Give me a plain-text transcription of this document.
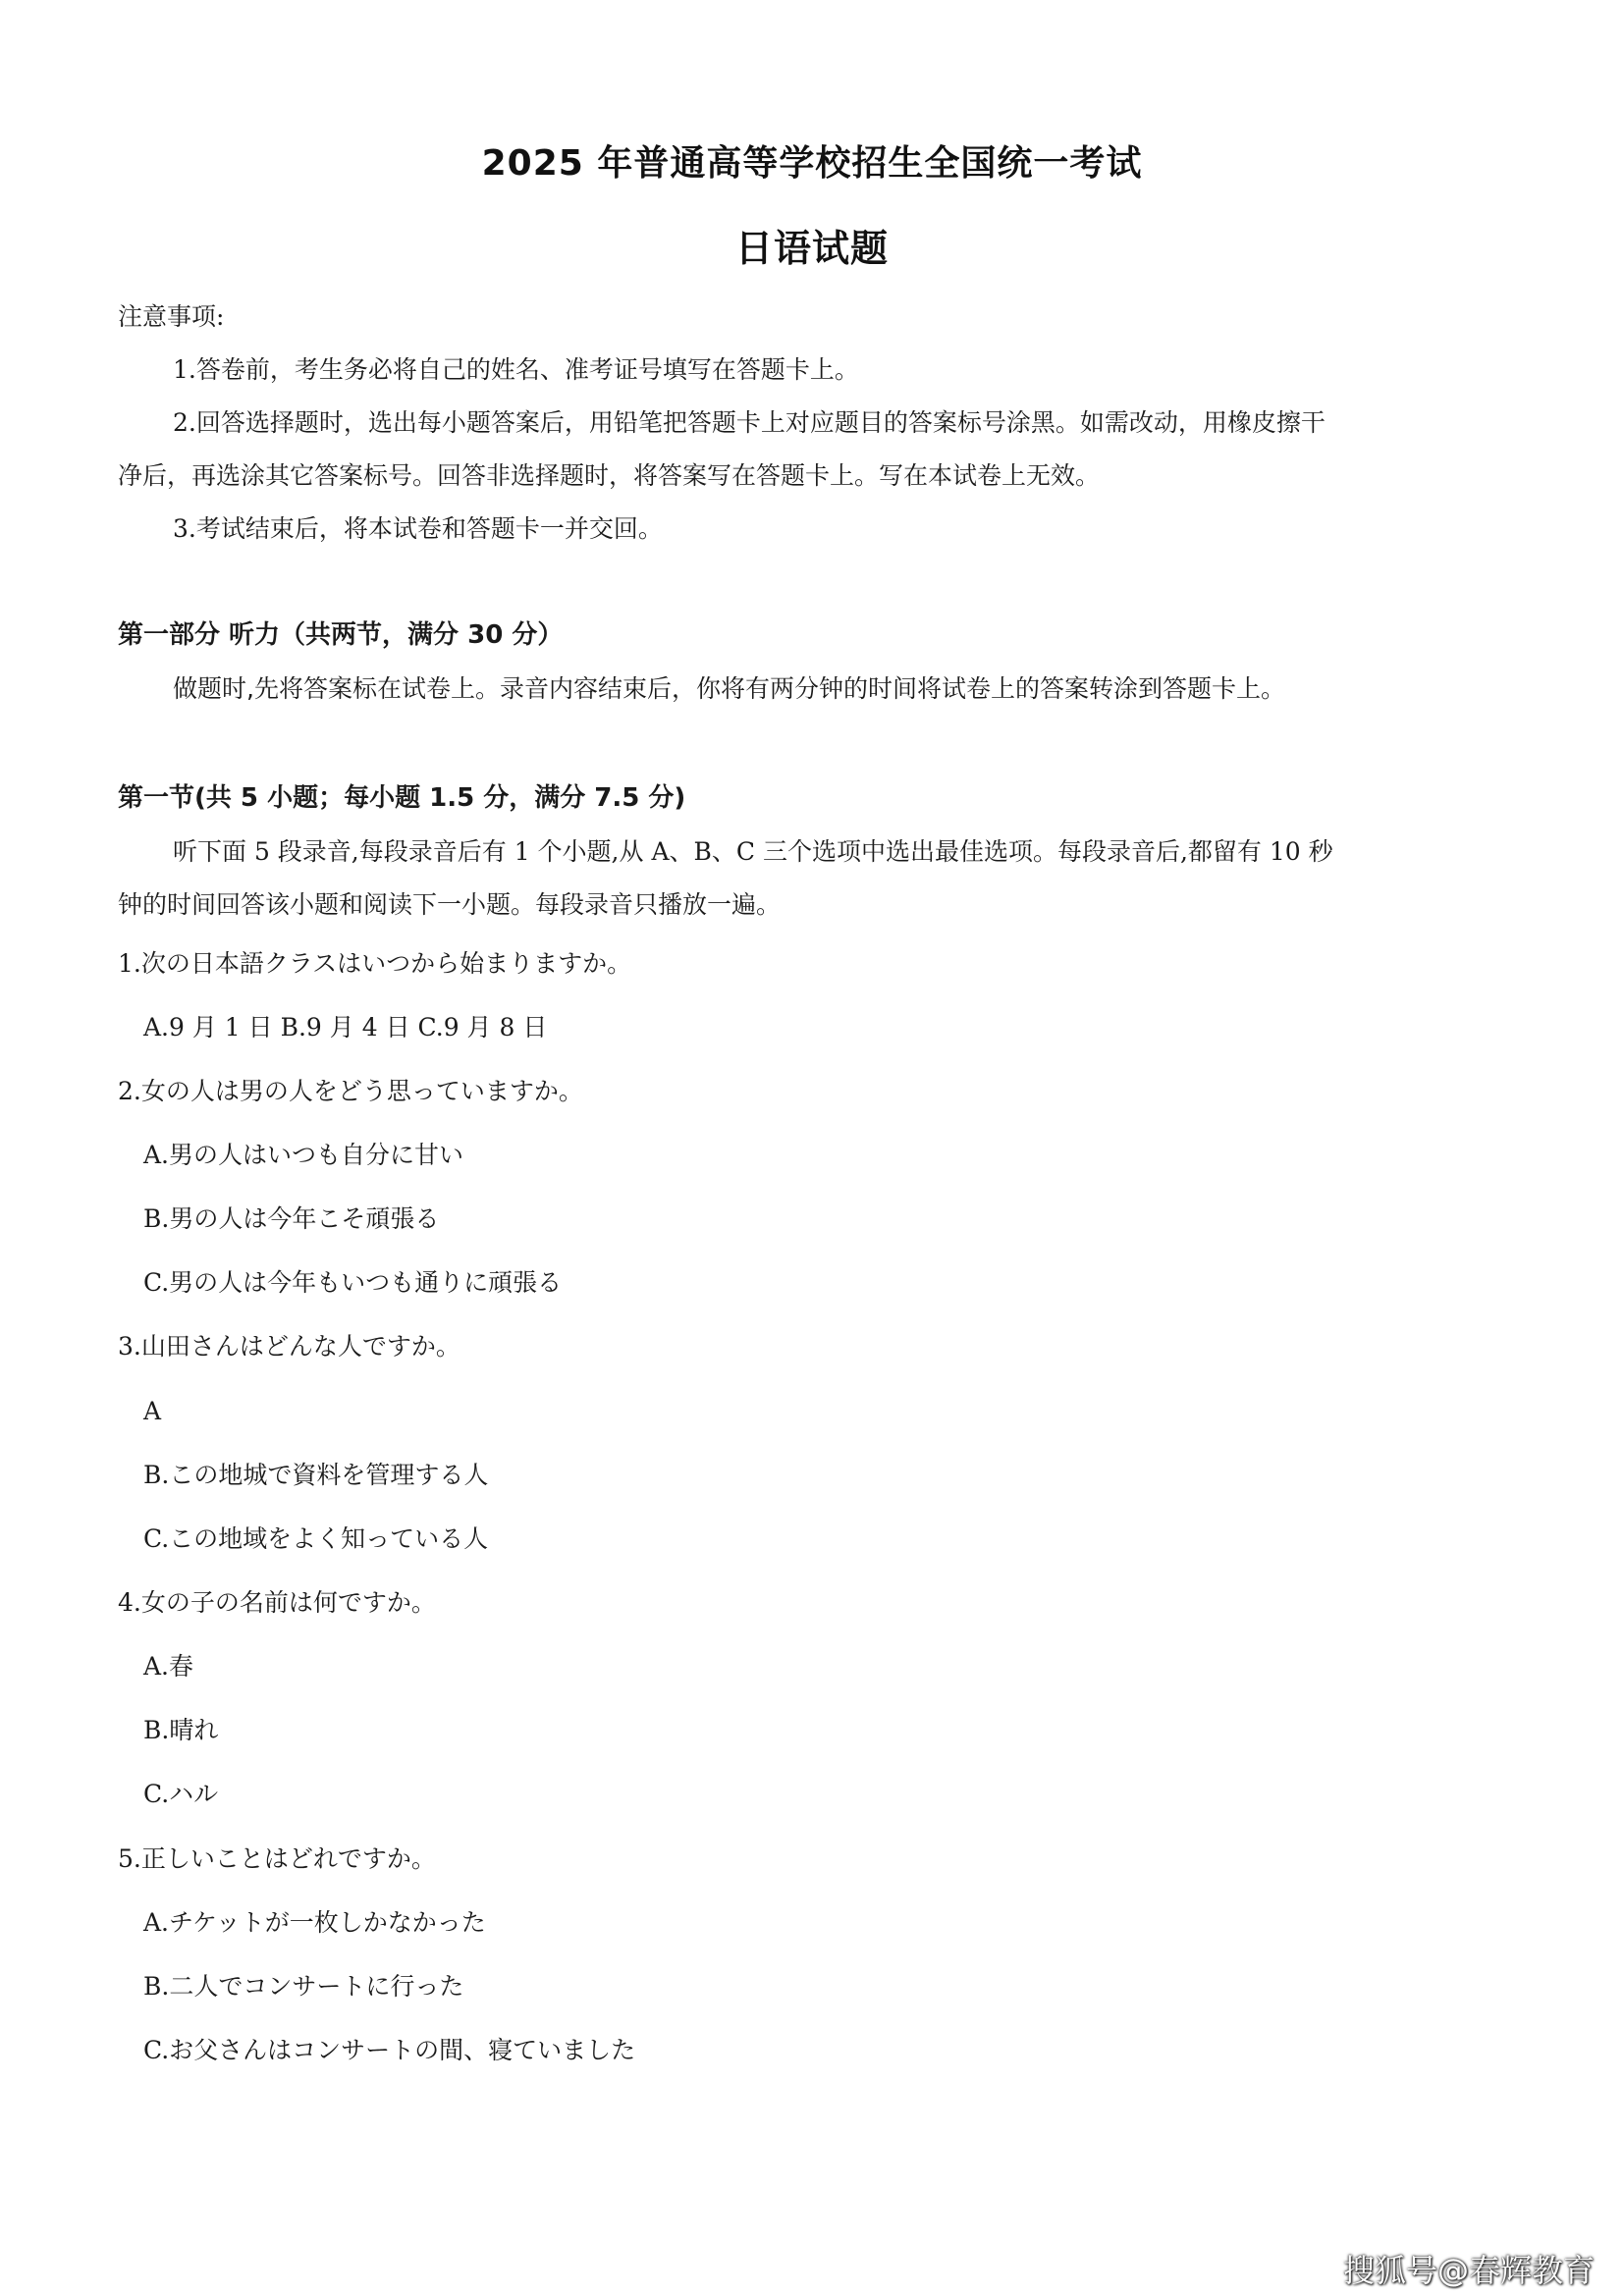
2025 年普通高等学校招生全国统一考试
日语试题
注意事项:
1.答卷前，考生务必将自己的姓名、准考证号填写在答题卡上。
2.回答选择题时，选出每小题答案后，用铅笔把答题卡上对应题目的答案标号涂黑。如需改动，用橡皮擦干
净后，再选涂其它答案标号。回答非选择题时，将答案写在答题卡上。写在本试卷上无效。
3.考试结束后，将本试卷和答题卡一并交回。
第一部分 听力（共两节，满分 30 分）
做题时,先将答案标在试卷上。录音内容结束后，你将有两分钟的时间将试卷上的答案转涂到答题卡上。
第一节(共 5 小题；每小题 1.5 分，满分 7.5 分)
听下面 5 段录音,每段录音后有 1 个小题,从 A、B、C 三个选项中选出最佳选项。每段录音后,都留有 10 秒
钟的时间回答该小题和阅读下一小题。每段录音只播放一遍。
1.次の日本語クラスはいつから始まりますか。
A.9 月 1 日 B.9 月 4 日 C.9 月 8 日
2.女の人は男の人をどう思っていますか。
A.男の人はいつも自分に甘い
B.男の人は今年こそ頑張る
C.男の人は今年もいつも通りに頑張る
3.山田さんはどんな人ですか。
A
B.この地城で資料を管理する人
C.この地域をよく知っている人
4.女の子の名前は何ですか。
A.春
B.晴れ
C.ハル
5.正しいことはどれですか。
A.チケットが一枚しかなかった
B.二人でコンサートに行った
C.お父さんはコンサートの間、寝ていました
搜狐号@春辉教育
